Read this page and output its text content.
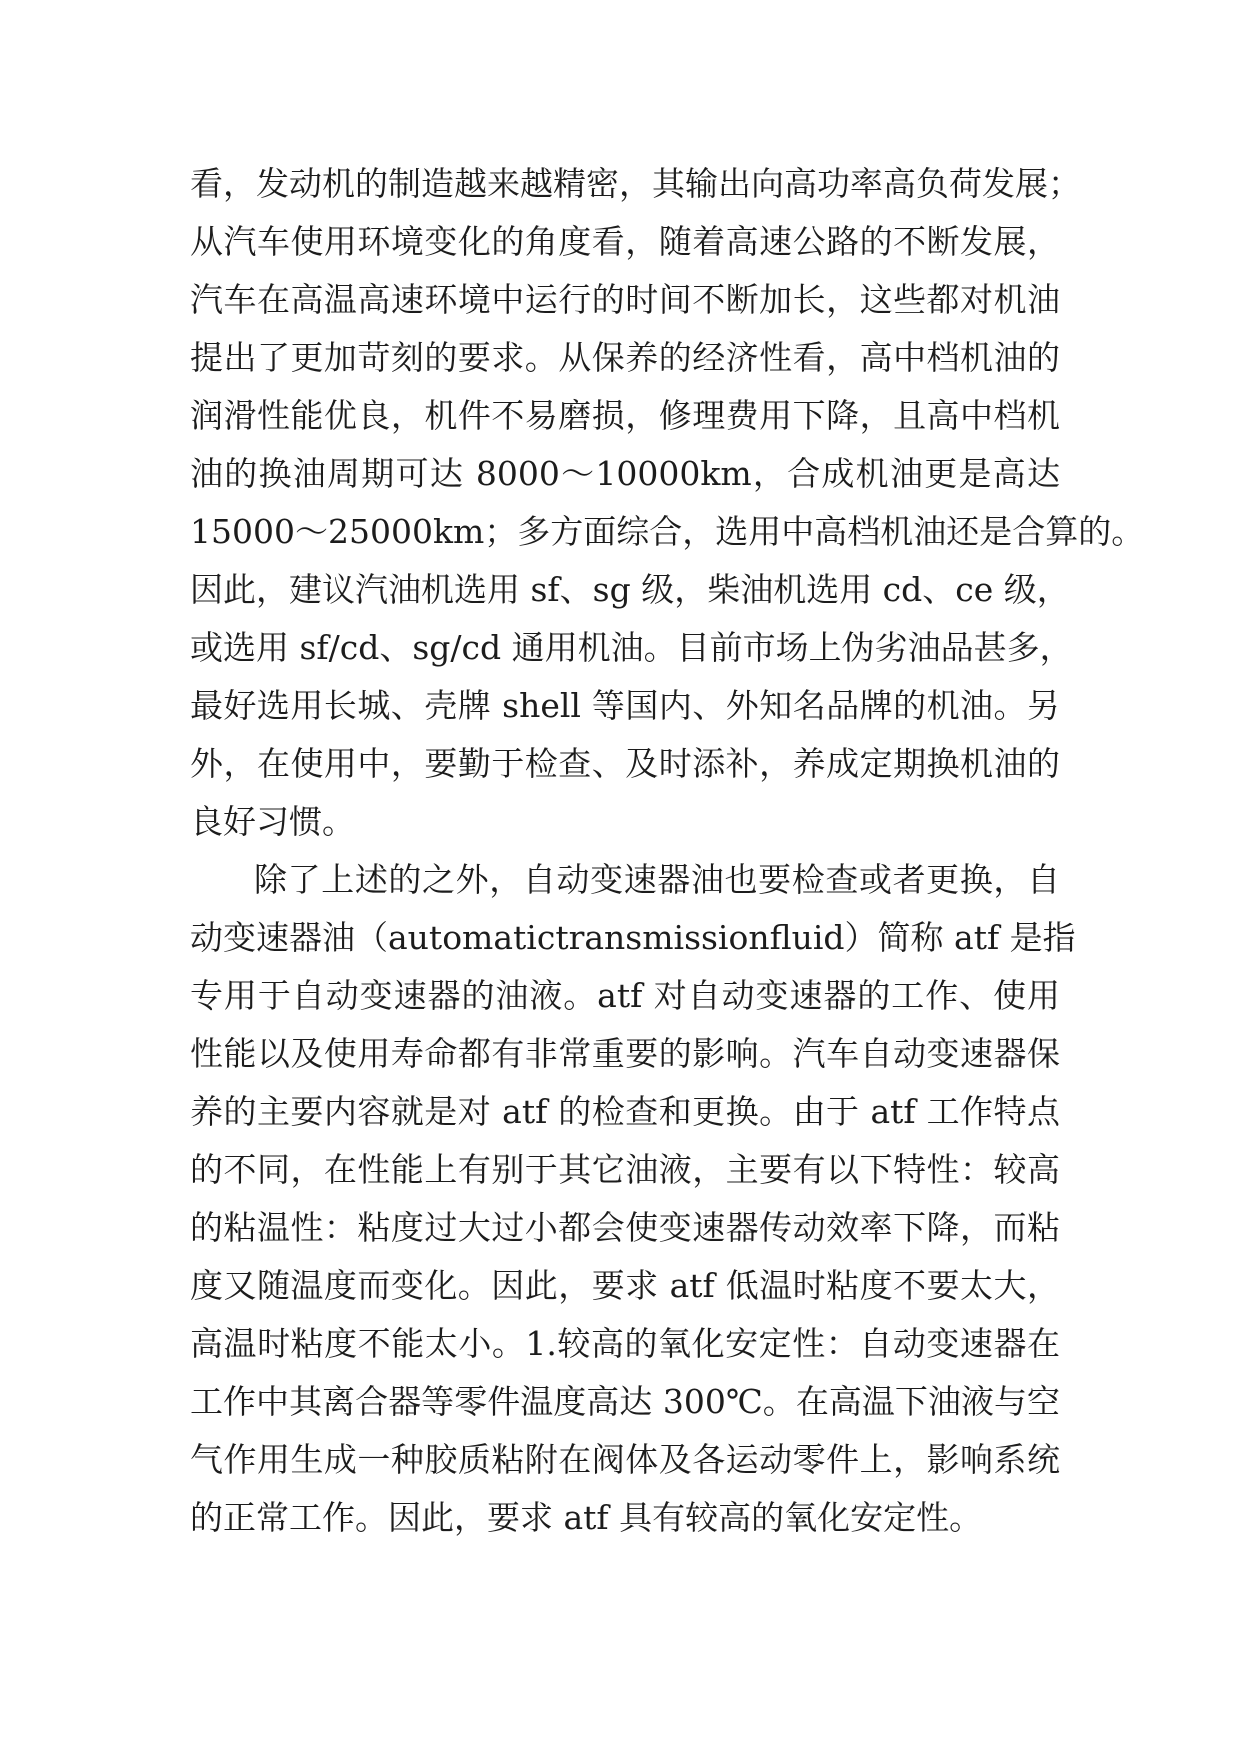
看，发动机的制造越来越精密，其输出向高功率高负荷发展；

从汽车使用环境变化的角度看，随着高速公路的不断发展，

汽车在高温高速环境中运行的时间不断加长，这些都对机油

提出了更加苛刻的要求。从保养的经济性看，高中档机油的

润滑性能优良，机件不易磨损，修理费用下降，且高中档机

油的换油周期可达 8000～10000km，合成机油更是高达

15000～25000km；多方面综合，选用中高档机油还是合算的。

因此，建议汽油机选用 sf、sg 级，柴油机选用 cd、ce 级，

或选用 sf/cd、sg/cd 通用机油。目前市场上伪劣油品甚多，

最好选用长城、壳牌 shell 等国内、外知名品牌的机油。另

外，在使用中，要勤于检查、及时添补，养成定期换机油的

良好习惯。

除了上述的之外，自动变速器油也要检查或者更换，自

动变速器油（automatictransmissionfluid）简称 atf 是指

专用于自动变速器的油液。atf 对自动变速器的工作、使用

性能以及使用寿命都有非常重要的影响。汽车自动变速器保

养的主要内容就是对 atf 的检查和更换。由于 atf 工作特点

的不同，在性能上有别于其它油液，主要有以下特性：较高

的粘温性：粘度过大过小都会使变速器传动效率下降，而粘

度又随温度而变化。因此，要求 atf 低温时粘度不要太大，

高温时粘度不能太小。1.较高的氧化安定性：自动变速器在

工作中其离合器等零件温度高达 300℃。在高温下油液与空

气作用生成一种胶质粘附在阀体及各运动零件上，影响系统

的正常工作。因此，要求 atf 具有较高的氧化安定性。
